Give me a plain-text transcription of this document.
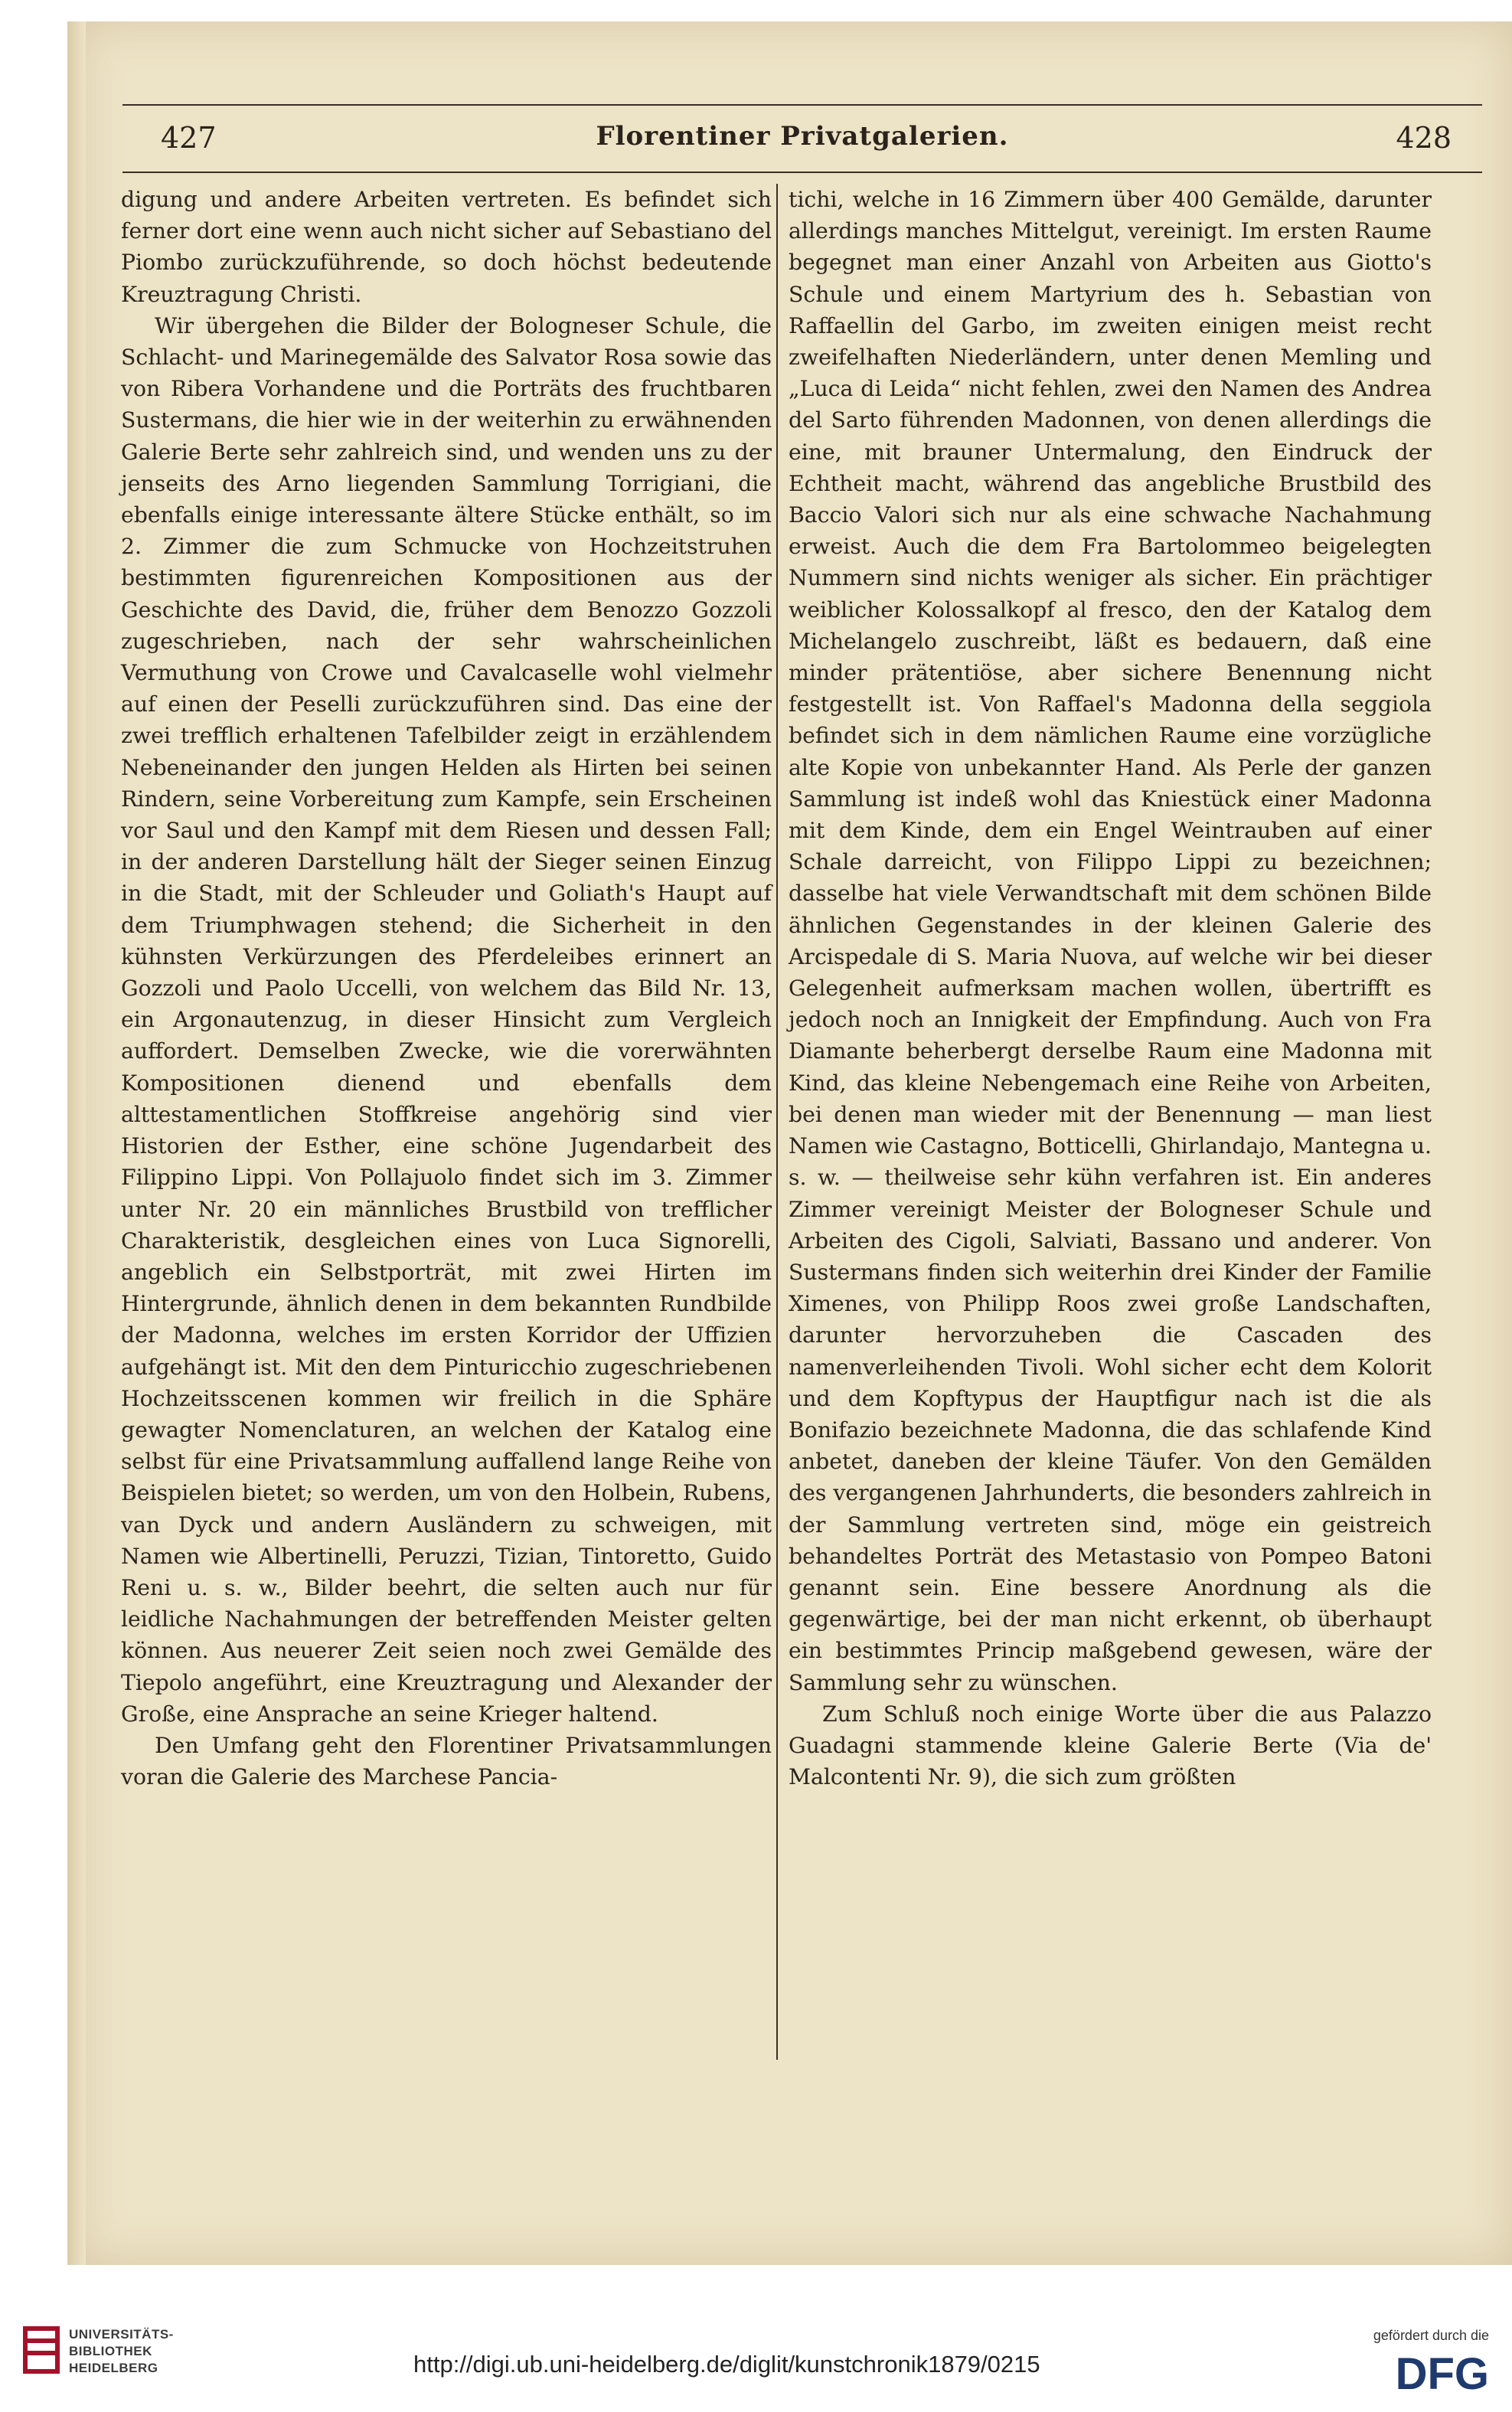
427	Florentiner Privatgalerien.	428

digung und andere Arbeiten vertreten. Es befindet sich ferner dort eine wenn auch nicht sicher auf Sebastiano del Piombo zurückzuführende, so doch höchst bedeutende Kreuztragung Christi.

Wir übergehen die Bilder der Bologneser Schule, die Schlacht- und Marinegemälde des Salvator Rosa sowie das von Ribera Vorhandene und die Porträts des fruchtbaren Sustermans, die hier wie in der weiterhin zu erwähnenden Galerie Berte sehr zahlreich sind, und wenden uns zu der jenseits des Arno liegenden Sammlung Torrigiani, die ebenfalls einige interessante ältere Stücke enthält, so im 2. Zimmer die zum Schmucke von Hochzeitstruhen bestimmten figurenreichen Kompositionen aus der Geschichte des David, die, früher dem Benozzo Gozzoli zugeschrieben, nach der sehr wahrscheinlichen Vermuthung von Crowe und Cavalcaselle wohl vielmehr auf einen der Peselli zurückzuführen sind. Das eine der zwei trefflich erhaltenen Tafelbilder zeigt in erzählendem Nebeneinander den jungen Helden als Hirten bei seinen Rindern, seine Vorbereitung zum Kampfe, sein Erscheinen vor Saul und den Kampf mit dem Riesen und dessen Fall; in der anderen Darstellung hält der Sieger seinen Einzug in die Stadt, mit der Schleuder und Goliath's Haupt auf dem Triumphwagen stehend; die Sicherheit in den kühnsten Verkürzungen des Pferdeleibes erinnert an Gozzoli und Paolo Uccelli, von welchem das Bild Nr. 13, ein Argonautenzug, in dieser Hinsicht zum Vergleich auffordert. Demselben Zwecke, wie die vorerwähnten Kompositionen dienend und ebenfalls dem alttestamentlichen Stoffkreise angehörig sind vier Historien der Esther, eine schöne Jugendarbeit des Filippino Lippi. Von Pollajuolo findet sich im 3. Zimmer unter Nr. 20 ein männliches Brustbild von trefflicher Charakteristik, desgleichen eines von Luca Signorelli, angeblich ein Selbstporträt, mit zwei Hirten im Hintergrunde, ähnlich denen in dem bekannten Rundbilde der Madonna, welches im ersten Korridor der Uffizien aufgehängt ist. Mit den dem Pinturicchio zugeschriebenen Hochzeitsscenen kommen wir freilich in die Sphäre gewagter Nomenclaturen, an welchen der Katalog eine selbst für eine Privatsammlung auffallend lange Reihe von Beispielen bietet; so werden, um von den Holbein, Rubens, van Dyck und andern Ausländern zu schweigen, mit Namen wie Albertinelli, Peruzzi, Tizian, Tintoretto, Guido Reni u. s. w., Bilder beehrt, die selten auch nur für leidliche Nachahmungen der betreffenden Meister gelten können. Aus neuerer Zeit seien noch zwei Gemälde des Tiepolo angeführt, eine Kreuztragung und Alexander der Große, eine Ansprache an seine Krieger haltend.

Den Umfang geht den Florentiner Privatsammlungen voran die Galerie des Marchese Pancia-

tichi, welche in 16 Zimmern über 400 Gemälde, darunter allerdings manches Mittelgut, vereinigt. Im ersten Raume begegnet man einer Anzahl von Arbeiten aus Giotto's Schule und einem Martyrium des h. Sebastian von Raffaellin del Garbo, im zweiten einigen meist recht zweifelhaften Niederländern, unter denen Memling und „Luca di Leida“ nicht fehlen, zwei den Namen des Andrea del Sarto führenden Madonnen, von denen allerdings die eine, mit brauner Untermalung, den Eindruck der Echtheit macht, während das angebliche Brustbild des Baccio Valori sich nur als eine schwache Nachahmung erweist. Auch die dem Fra Bartolommeo beigelegten Nummern sind nichts weniger als sicher. Ein prächtiger weiblicher Kolossalkopf al fresco, den der Katalog dem Michelangelo zuschreibt, läßt es bedauern, daß eine minder prätentiöse, aber sichere Benennung nicht festgestellt ist. Von Raffael's Madonna della seggiola befindet sich in dem nämlichen Raume eine vorzügliche alte Kopie von unbekannter Hand. Als Perle der ganzen Sammlung ist indeß wohl das Kniestück einer Madonna mit dem Kinde, dem ein Engel Weintrauben auf einer Schale darreicht, von Filippo Lippi zu bezeichnen; dasselbe hat viele Verwandtschaft mit dem schönen Bilde ähnlichen Gegenstandes in der kleinen Galerie des Arcispedale di S. Maria Nuova, auf welche wir bei dieser Gelegenheit aufmerksam machen wollen, übertrifft es jedoch noch an Innigkeit der Empfindung. Auch von Fra Diamante beherbergt derselbe Raum eine Madonna mit Kind, das kleine Nebengemach eine Reihe von Arbeiten, bei denen man wieder mit der Benennung — man liest Namen wie Castagno, Botticelli, Ghirlandajo, Mantegna u. s. w. — theilweise sehr kühn verfahren ist. Ein anderes Zimmer vereinigt Meister der Bologneser Schule und Arbeiten des Cigoli, Salviati, Bassano und anderer. Von Sustermans finden sich weiterhin drei Kinder der Familie Ximenes, von Philipp Roos zwei große Landschaften, darunter hervorzuheben die Cascaden des namenverleihenden Tivoli. Wohl sicher echt dem Kolorit und dem Kopftypus der Hauptfigur nach ist die als Bonifazio bezeichnete Madonna, die das schlafende Kind anbetet, daneben der kleine Täufer. Von den Gemälden des vergangenen Jahrhunderts, die besonders zahlreich in der Sammlung vertreten sind, möge ein geistreich behandeltes Porträt des Metastasio von Pompeo Batoni genannt sein. Eine bessere Anordnung als die gegenwärtige, bei der man nicht erkennt, ob überhaupt ein bestimmtes Princip maßgebend gewesen, wäre der Sammlung sehr zu wünschen.

Zum Schluß noch einige Worte über die aus Palazzo Guadagni stammende kleine Galerie Berte (Via de' Malcontenti Nr. 9), die sich zum größten

UNIVERSITÄTS-
BIBLIOTHEK
HEIDELBERG	http://digi.ub.uni-heidelberg.de/diglit/kunstchronik1879/0215
gefördert durch die
DFG
